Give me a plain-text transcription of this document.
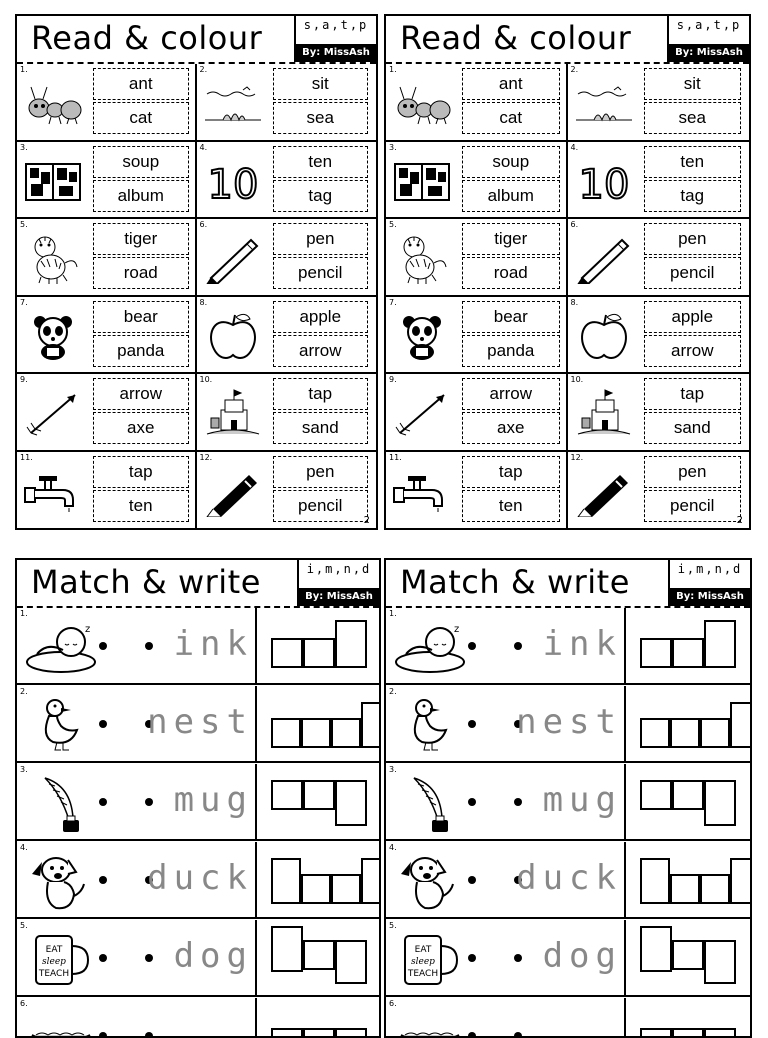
Read & colour	s,a,t,p
By: MissAsh
1.
ant
cat
2.
sit
sea
3.
soup
album
4.
10
ten
tag
5.
tiger
road
6.
pen
pencil
7.
bear
panda
8.
apple
arrow
9.
arrow
axe
10.
tap
sand
11.
tap
ten
12.
pen
pencil
2
Read & colour	s,a,t,p
By: MissAsh
1.
ant
cat
2.
sit
sea
3.
soup
album
4.
10
ten
tag
5.
tiger
road
6.
pen
pencil
7.
bear
panda
8.
apple
arrow
9.
arrow
axe
10.
tap
sand
11.
tap
ten
12.
pen
pencil
2
Match & write	i,m,n,d
By: MissAsh
1.
z	ink
2.
nest
3.
mug
4.
duck
5.
EAT
sleep
TEACH	dog
6.
Match & write	i,m,n,d
By: MissAsh
1.
z	ink
2.
nest
3.
mug
4.
duck
5.
EAT
sleep
TEACH	dog
6.
